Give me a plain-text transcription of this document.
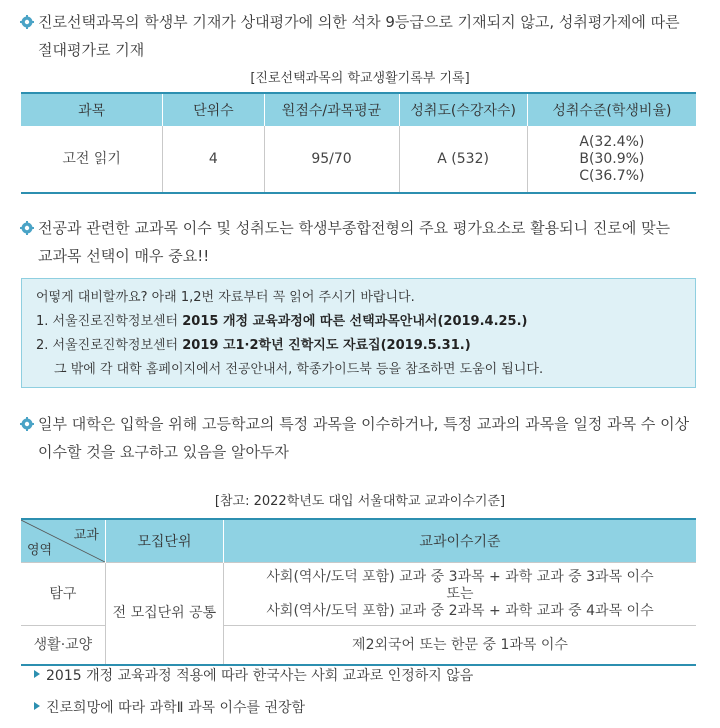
진로선택과목의 학생부 기재가 상대평가에 의한 석차 9등급으로 기재되지 않고, 성취평가제에 따른
절대평가로 기재
[진로선택과목의 학교생활기록부 기록]
과목	단위수	원점수/과목평균	성취도(수강자수)	성취수준(학생비율)
고전 읽기	4	95/70	A (532)	A(32.4%)
B(30.9%)
C(36.7%)
전공과 관련한 교과목 이수 및 성취도는 학생부종합전형의 주요 평가요소로 활용되니 진로에 맞는
교과목 선택이 매우 중요!!
어떻게 대비할까요? 아래 1,2번 자료부터 꼭 읽어 주시기 바랍니다.
1. 서울진로진학정보센터 2015 개정 교육과정에 따른 선택과목안내서(2019.4.25.)
2. 서울진로진학정보센터 2019 고1·2학년 진학지도 자료집(2019.5.31.)
그 밖에 각 대학 홈페이지에서 전공안내서, 학종가이드북 등을 참조하면 도움이 됩니다.
일부 대학은 입학을 위해 고등학교의 특정 과목을 이수하거나, 특정 교과의 과목을 일정 과목 수 이상
이수할 것을 요구하고 있음을 알아두자
[참고: 2022학년도 대입 서울대학교 교과이수기준]
교과
영역	모집단위	교과이수기준
탐구	전 모집단위 공통	사회(역사/도덕 포함) 교과 중 3과목 + 과학 교과 중 3과목 이수
또는
사회(역사/도덕 포함) 교과 중 2과목 + 과학 교과 중 4과목 이수

생활·교양		제2외국어 또는 한문 중 1과목 이수
2015 개정 교육과정 적용에 따라 한국사는 사회 교과로 인정하지 않음
진로희망에 따라 과학Ⅱ 과목 이수를 권장함
